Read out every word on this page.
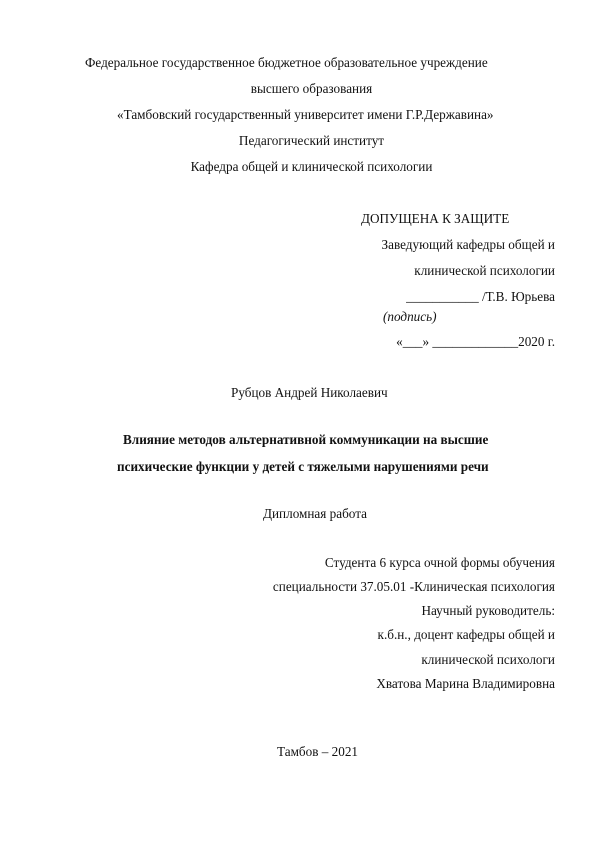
Федеральное государственное бюджетное образовательное учреждение
высшего образования
«Тамбовский государственный университет имени Г.Р.Державина»
Педагогический институт
Кафедра общей и клинической психологии
ДОПУЩЕНА К ЗАЩИТЕ
Заведующий кафедры общей и
клинической психологии
___________ /Т.В. Юрьева
(подпись)
«___» _____________2020 г.
Рубцов Андрей Николаевич
Влияние методов альтернативной коммуникации на высшие
психические функции у детей с тяжелыми нарушениями речи
Дипломная работа
Студента 6 курса очной формы обучения
специальности 37.05.01 -Клиническая психология
Научный руководитель:
к.б.н., доцент кафедры общей и
клинической психологи
Хватова Марина Владимировна
Тамбов – 2021
